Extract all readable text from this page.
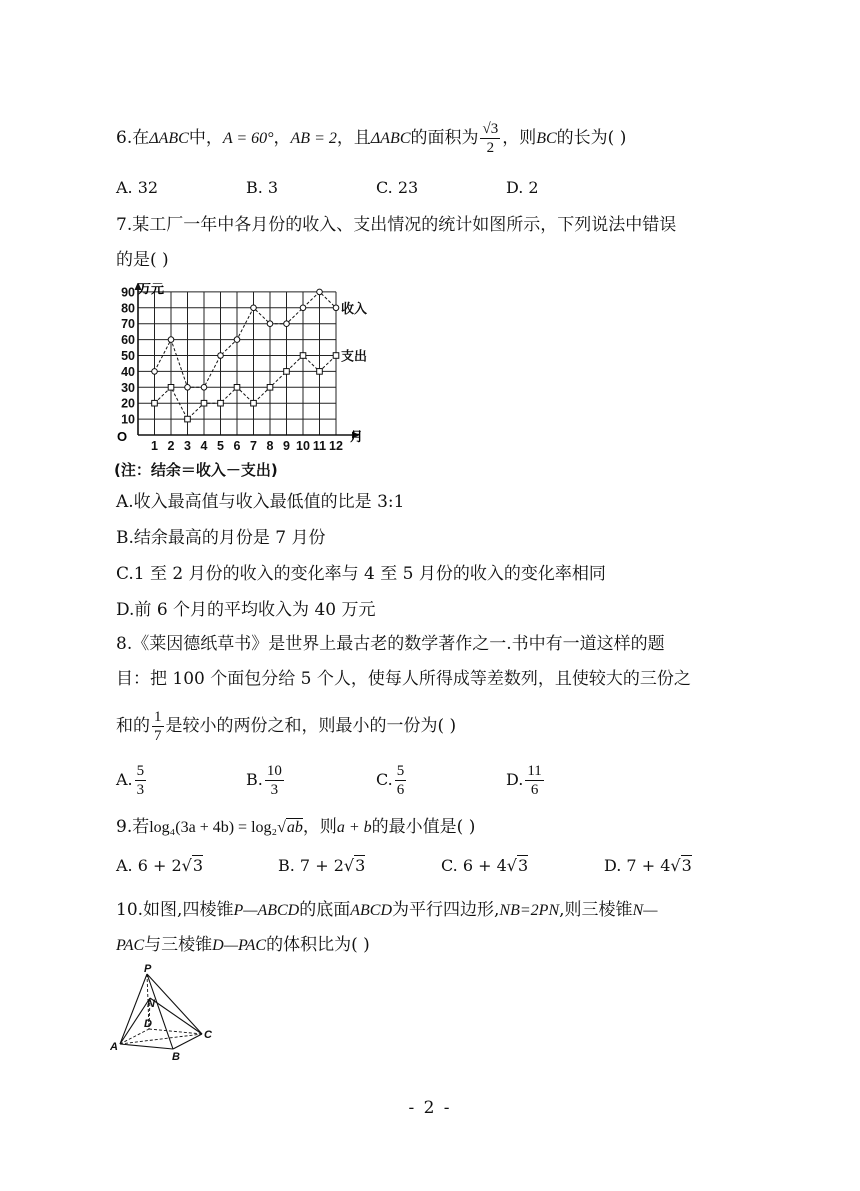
6.在ΔABC中，A = 60°，AB = 2，且ΔABC的面积为 $\frac{√3}{2}$ ，则BC的长为( )
A. 32	B. 3	C. 23	D. 2
7.某工厂一年中各月份的收入、支出情况的统计如图所示，下列说法中错误
的是( )
10
20
30
40
50
60
70
80
90
1 2 3 4 5 6 7 8 9 10 11 12
收入
支出
万元
月
O
(注：结余＝收入－支出)
A.收入最高值与收入最低值的比是 3:1
B.结余最高的月份是 7 月份
C.1 至 2 月份的收入的变化率与 4 至 5 月份的收入的变化率相同
D.前 6 个月的平均收入为 40 万元
8.《莱因德纸草书》是世界上最古老的数学著作之一.书中有一道这样的题
目：把 100 个面包分给 5 个人，使每人所得成等差数列，且使较大的三份之
和的 $\frac{1}{7}$ 是较小的两份之和，则最小的一份为( )
A. $\frac{5}{3}$	B. $\frac{10}{3}$	C. $\frac{5}{6}$	D. $\frac{11}{6}$
9.若log₄(3a + 4b) = log₂√ab，则a + b的最小值是( )
A. 6 + 2√3	B. 7 + 2√3	C. 6 + 4√3	D. 7 + 4√3
10.如图,四棱锥P—ABCD的底面ABCD为平行四边形,NB=2PN,则三棱锥N—
PAC与三棱锥D—PAC的体积比为( )
P
N
D
A
B
C
- 2 -
